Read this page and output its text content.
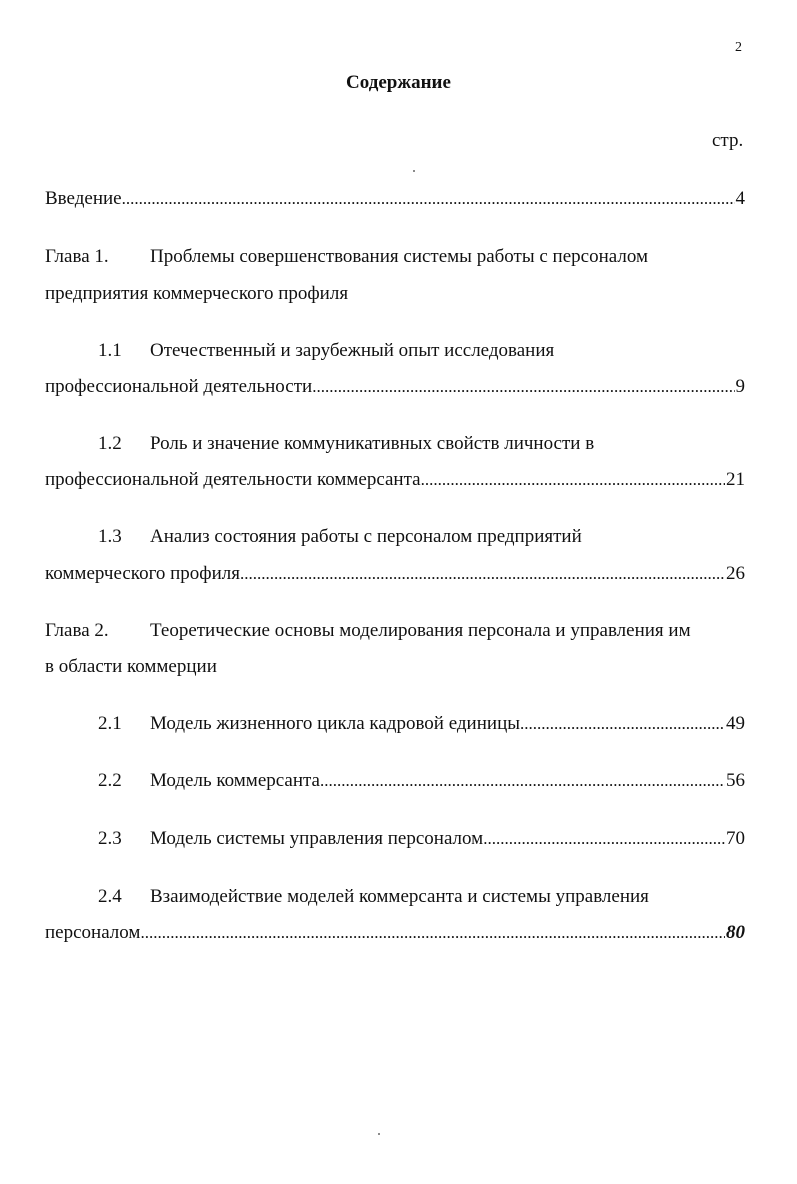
2
Содержание
стр.
Введение .....	4
Глава 1. Проблемы совершенствования системы работы с персоналом
предприятия коммерческого профиля
1.1 Отечественный и зарубежный опыт исследования
профессиональной деятельности .....	9
1.2 Роль и значение коммуникативных свойств личности в
профессиональной деятельности коммерсанта .....	21
1.3 Анализ состояния работы с персоналом предприятий
коммерческого профиля .....	26
Глава 2. Теоретические основы моделирования персонала и управления им
в области коммерции
2.1 Модель жизненного цикла кадровой единицы .....	49
2.2 Модель коммерсанта .....	56
2.3 Модель системы управления персоналом .....	70
2.4 Взаимодействие моделей коммерсанта и системы управления
персоналом .....	80
